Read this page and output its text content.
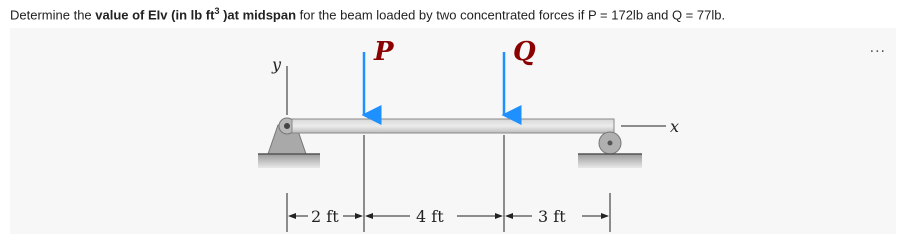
Determine the value of EIv (in lb $ft^3$ )at midspan for the beam loaded by two concentrated forces if P = 172lb and Q = 77lb.
...
y
x
P	Q
2 ft	4 ft	3 ft
